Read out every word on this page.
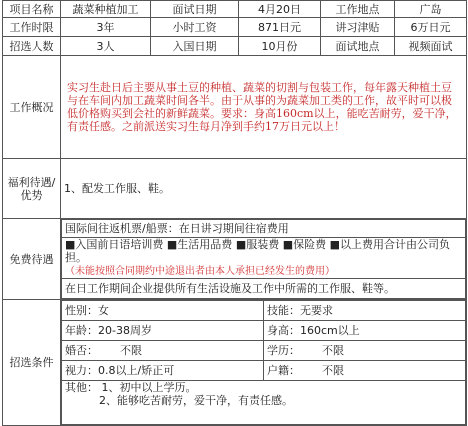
项目名称	蔬菜种植加工	面试日期	4月20日	工作地点	广岛
工作时限	3年	小时工资	871日元	讲习津贴	6万日元
招选人数	3人	入国日期	10月份	面试地点	视频面试
工作概况	实习生赴日后主要从事土豆的种植、蔬菜的切割与包装工作，每年露天种植土豆与在车间内加工蔬菜时间各半。由于从事的为蔬菜加工类的工作，故平时可以极低价格购买到会社的新鲜蔬菜。要求：身高160cm以上，能吃苦耐劳，爱干净，有责任感。之前派送实习生每月净到手约17万日元以上！
福利待遇/优势	1、配发工作服、鞋。
免费待遇	
国际间往返机票/船票：在日讲习期间往宿费用
■入国前日语培训费 ■生活用品费 ■服装费 ■保险费 ■以上费用合计由公司负担。
（未能按照合同期约中途退出者由本人承担已经发生的费用）
在日工作期间企业提供所有生活设施及工作中所需的工作服、鞋等。

招选条件	
性别：女	技能：无要求
年龄：20-38周岁	身高：160cm以上
婚否： 不限	学历： 不限
视力：0.8以上/矫正可	户籍： 不限
其他： 1、初中以上学历。
2、能够吃苦耐劳，爱干净，有责任感。
